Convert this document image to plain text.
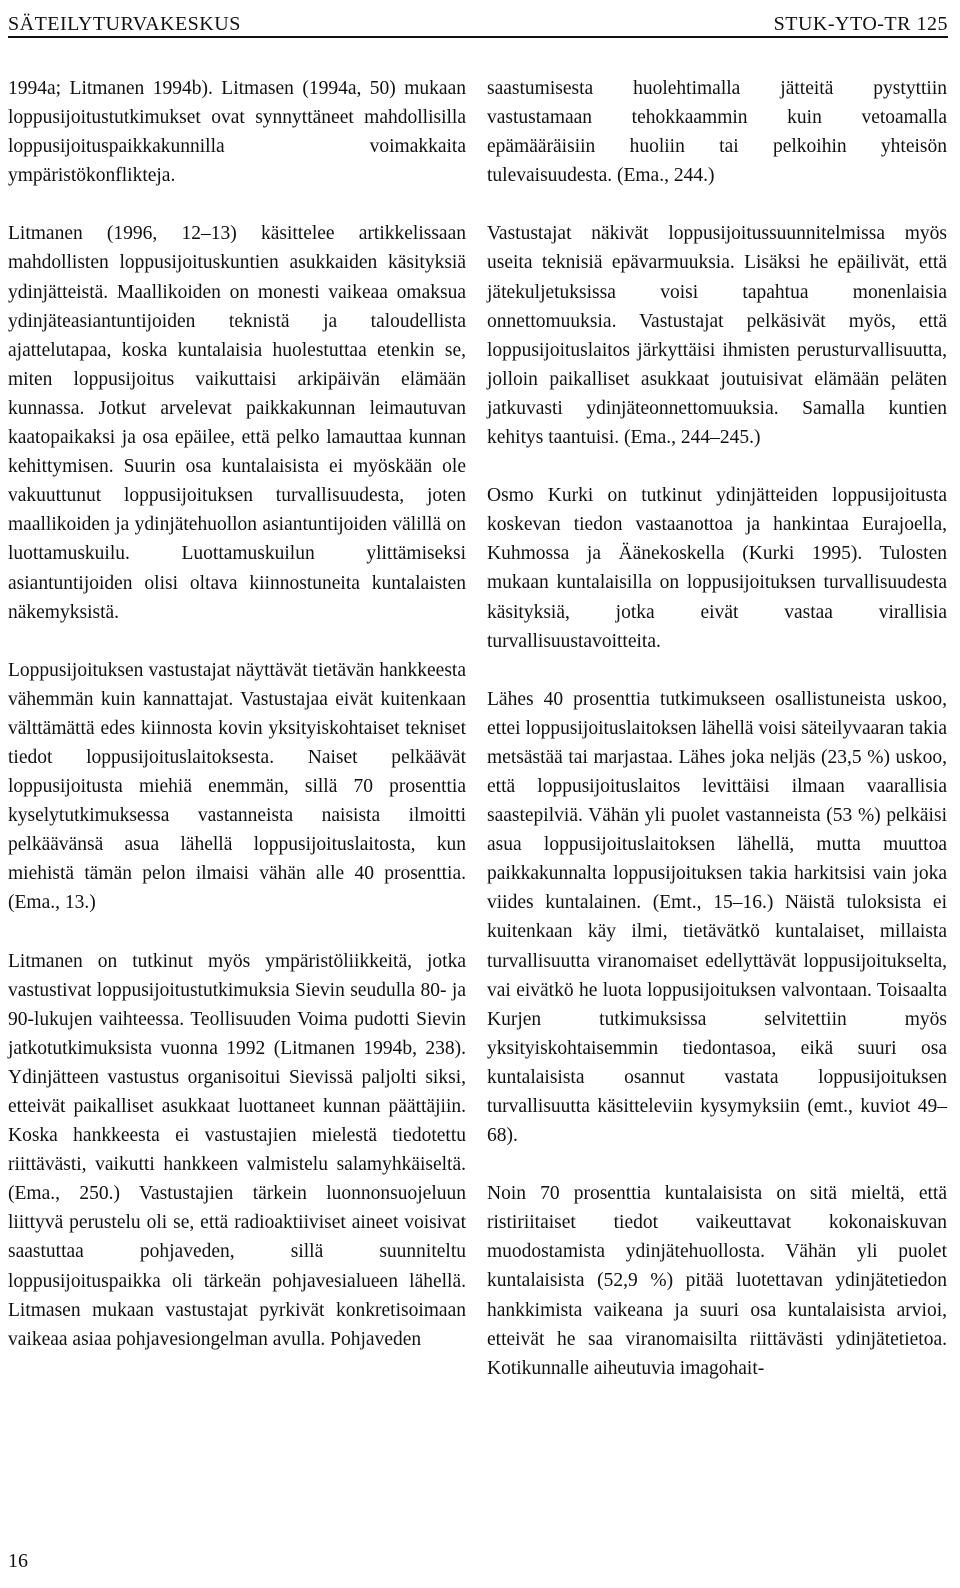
SÄTEILYTURVAKESKUS	STUK-YTO-TR 125

1994a; Litmanen 1994b). Litmasen (1994a, 50) mukaan loppusijoitustutkimukset ovat synnyttäneet mahdollisilla loppusijoituspaikkakunnilla voimakkaita ympäristökonflikteja.

Litmanen (1996, 12–13) käsittelee artikkelissaan mahdollisten loppusijoituskuntien asukkaiden käsityksiä ydinjätteistä. Maallikoiden on monesti vaikeaa omaksua ydinjäteasiantuntijoiden teknistä ja taloudellista ajattelutapaa, koska kuntalaisia huolestuttaa etenkin se, miten loppusijoitus vaikuttaisi arkipäivän elämään kunnassa. Jotkut arvelevat paikkakunnan leimautuvan kaatopaikaksi ja osa epäilee, että pelko lamauttaa kunnan kehittymisen. Suurin osa kuntalaisista ei myöskään ole vakuuttunut loppusijoituksen turvallisuudesta, joten maallikoiden ja ydinjätehuollon asiantuntijoiden välillä on luottamuskuilu. Luottamuskuilun ylittämiseksi asiantuntijoiden olisi oltava kiinnostuneita kuntalaisten näkemyksistä.

Loppusijoituksen vastustajat näyttävät tietävän hankkeesta vähemmän kuin kannattajat. Vastustajaa eivät kuitenkaan välttämättä edes kiinnosta kovin yksityiskohtaiset tekniset tiedot loppusijoituslaitoksesta. Naiset pelkäävät loppusijoitusta miehiä enemmän, sillä 70 prosenttia kyselytutkimuksessa vastanneista naisista ilmoitti pelkäävänsä asua lähellä loppusijoituslaitosta, kun miehistä tämän pelon ilmaisi vähän alle 40 prosenttia. (Ema., 13.)

Litmanen on tutkinut myös ympäristöliikkeitä, jotka vastustivat loppusijoitustutkimuksia Sievin seudulla 80- ja 90-lukujen vaihteessa. Teollisuuden Voima pudotti Sievin jatkotutkimuksista vuonna 1992 (Litmanen 1994b, 238). Ydinjätteen vastustus organisoitui Sievissä paljolti siksi, etteivät paikalliset asukkaat luottaneet kunnan päättäjiin. Koska hankkeesta ei vastustajien mielestä tiedotettu riittävästi, vaikutti hankkeen valmistelu salamyhkäiseltä. (Ema., 250.) Vastustajien tärkein luonnonsuojeluun liittyvä perustelu oli se, että radioaktiiviset aineet voisivat saastuttaa pohjaveden, sillä suunniteltu loppusijoituspaikka oli tärkeän pohjavesialueen lähellä. Litmasen mukaan vastustajat pyrkivät konkretisoimaan vaikeaa asiaa pohjavesiongelman avulla. Pohjaveden

saastumisesta huolehtimalla jätteitä pystyttiin vastustamaan tehokkaammin kuin vetoamalla epämääräisiin huoliin tai pelkoihin yhteisön tulevaisuudesta. (Ema., 244.)

Vastustajat näkivät loppusijoitussuunnitelmissa myös useita teknisiä epävarmuuksia. Lisäksi he epäilivät, että jätekuljetuksissa voisi tapahtua monenlaisia onnettomuuksia. Vastustajat pelkäsivät myös, että loppusijoituslaitos järkyttäisi ihmisten perusturvallisuutta, jolloin paikalliset asukkaat joutuisivat elämään peläten jatkuvasti ydinjäteonnettomuuksia. Samalla kuntien kehitys taantuisi. (Ema., 244–245.)

Osmo Kurki on tutkinut ydinjätteiden loppusijoitusta koskevan tiedon vastaanottoa ja hankintaa Eurajoella, Kuhmossa ja Äänekoskella (Kurki 1995). Tulosten mukaan kuntalaisilla on loppusijoituksen turvallisuudesta käsityksiä, jotka eivät vastaa virallisia turvallisuustavoitteita.

Lähes 40 prosenttia tutkimukseen osallistuneista uskoo, ettei loppusijoituslaitoksen lähellä voisi säteilyvaaran takia metsästää tai marjastaa. Lähes joka neljäs (23,5 %) uskoo, että loppusijoituslaitos levittäisi ilmaan vaarallisia saastepilviä. Vähän yli puolet vastanneista (53 %) pelkäisi asua loppusijoituslaitoksen lähellä, mutta muuttoa paikkakunnalta loppusijoituksen takia harkitsisi vain joka viides kuntalainen. (Emt., 15–16.) Näistä tuloksista ei kuitenkaan käy ilmi, tietävätkö kuntalaiset, millaista turvallisuutta viranomaiset edellyttävät loppusijoitukselta, vai eivätkö he luota loppusijoituksen valvontaan. Toisaalta Kurjen tutkimuksissa selvitettiin myös yksityiskohtaisemmin tiedontasoa, eikä suuri osa kuntalaisista osannut vastata loppusijoituksen turvallisuutta käsitteleviin kysymyksiin (emt., kuviot 49–68).

Noin 70 prosenttia kuntalaisista on sitä mieltä, että ristiriitaiset tiedot vaikeuttavat kokonaiskuvan muodostamista ydinjätehuollosta. Vähän yli puolet kuntalaisista (52,9 %) pitää luotettavan ydinjätetiedon hankkimista vaikeana ja suuri osa kuntalaisista arvioi, etteivät he saa viranomaisilta riittävästi ydinjätetietoa. Kotikunnalle aiheutuvia imagohait-

16
